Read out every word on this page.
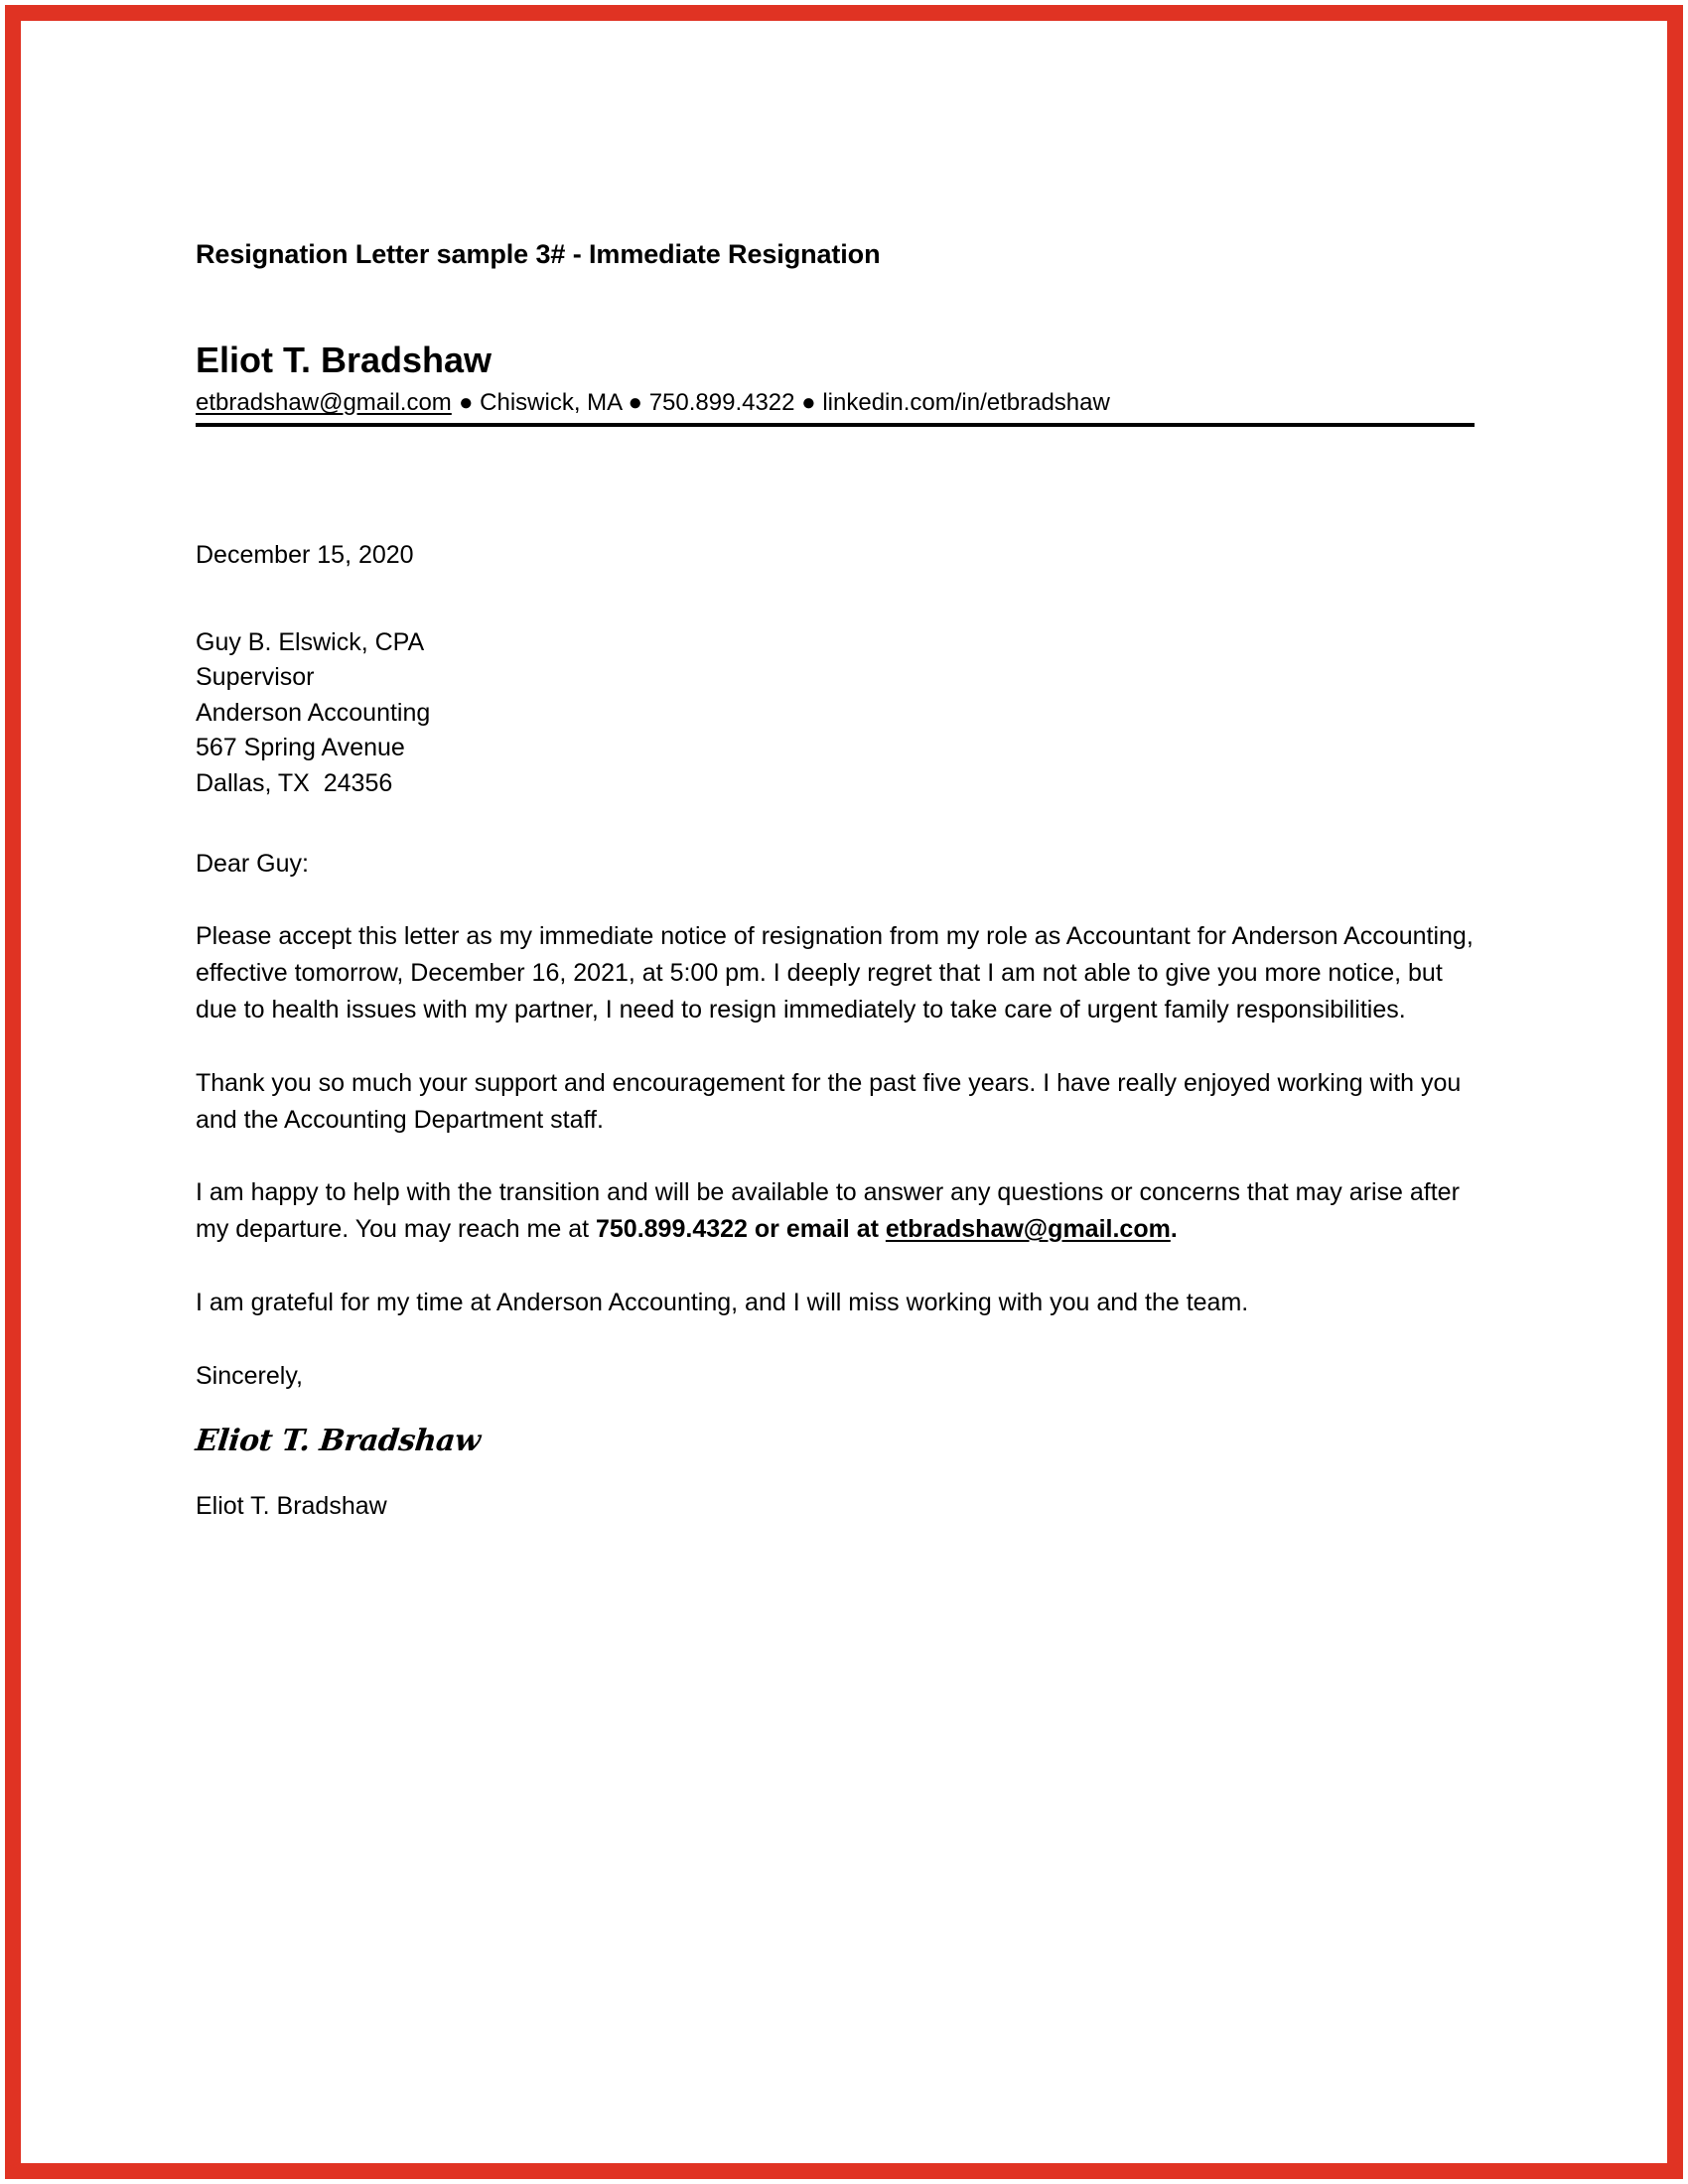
Resignation Letter sample 3# - Immediate Resignation
Eliot T. Bradshaw
etbradshaw@gmail.com ● Chiswick, MA ● 750.899.4322 ● linkedin.com/in/etbradshaw
December 15, 2020
Guy B. Elswick, CPA
Supervisor
Anderson Accounting
567 Spring Avenue
Dallas, TX  24356
Dear Guy:

Please accept this letter as my immediate notice of resignation from my role as Accountant for Anderson Accounting, effective tomorrow, December 16, 2021, at 5:00 pm. I deeply regret that I am not able to give you more notice, but due to health issues with my partner, I need to resign immediately to take care of urgent family responsibilities.

Thank you so much your support and encouragement for the past five years. I have really enjoyed working with you and the Accounting Department staff.

I am happy to help with the transition and will be available to answer any questions or concerns that may arise after my departure. You may reach me at 750.899.4322 or email at etbradshaw@gmail.com.

I am grateful for my time at Anderson Accounting, and I will miss working with you and the team.

Sincerely,
Eliot T. Bradshaw
Eliot T. Bradshaw
